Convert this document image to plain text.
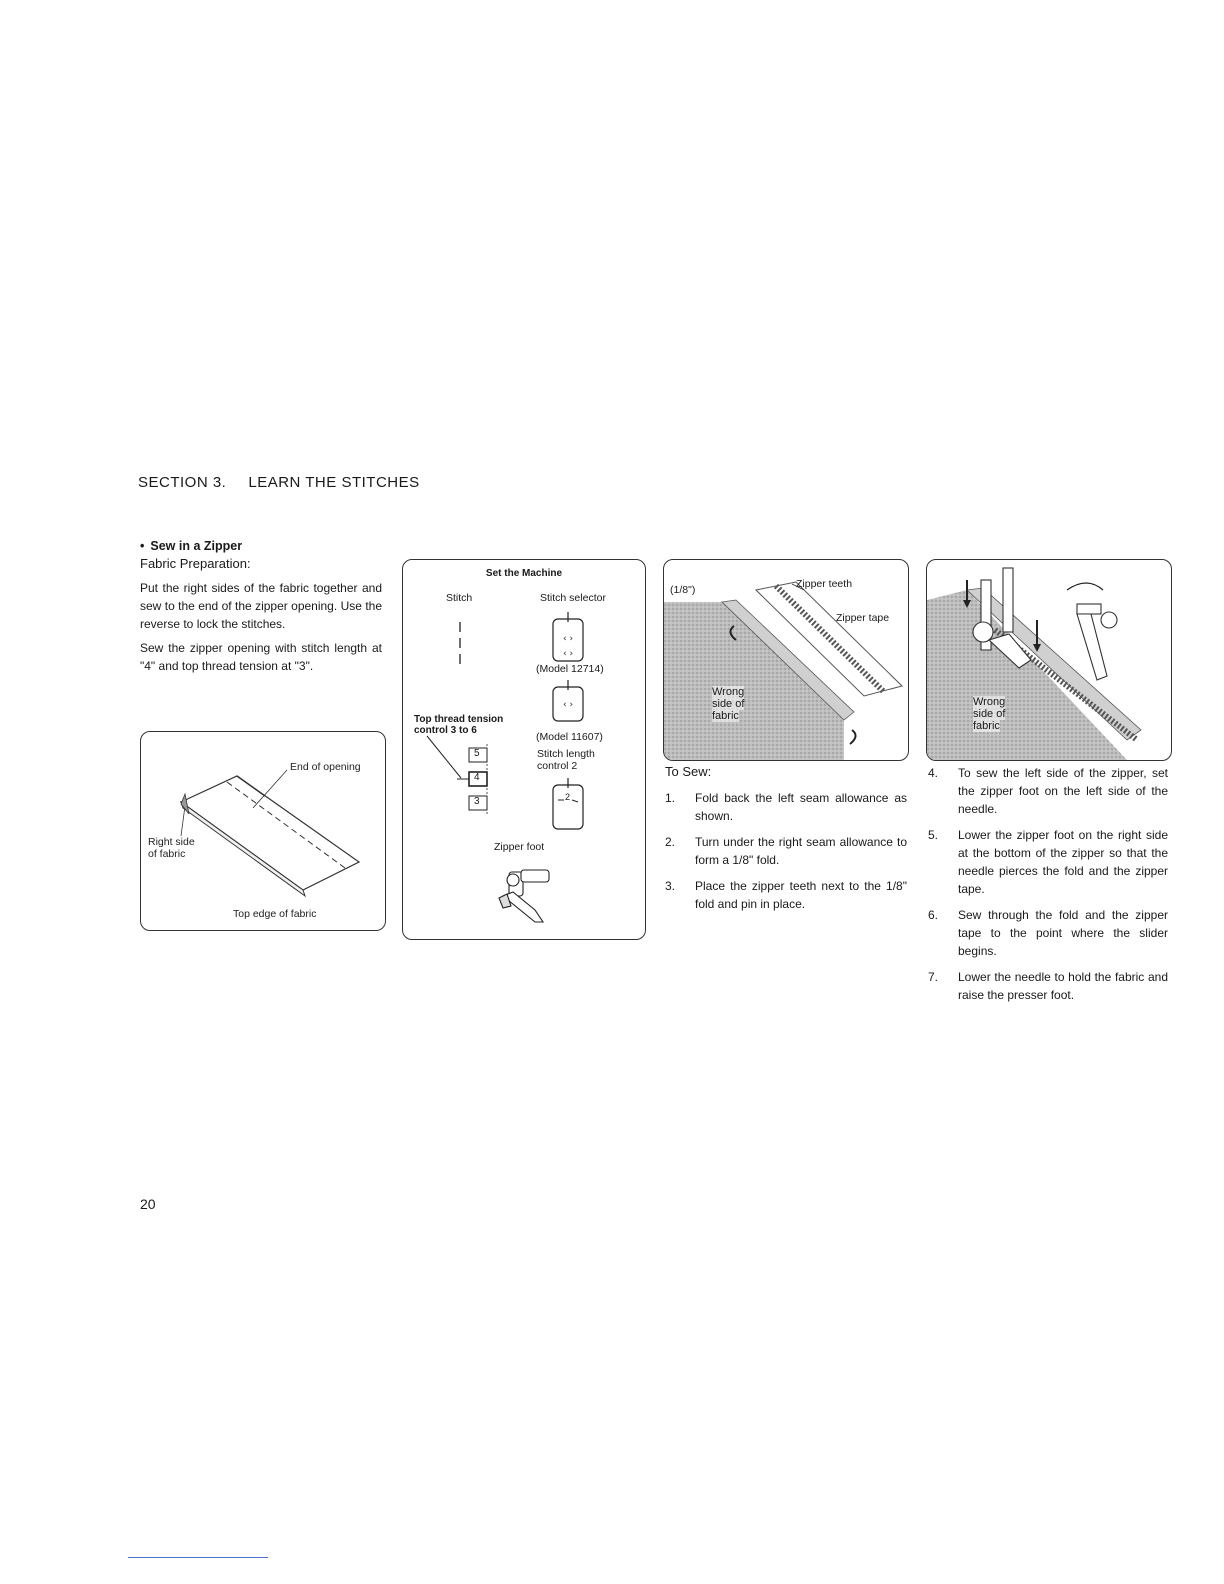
SECTION 3. LEARN THE STITCHES
• Sew in a Zipper
Fabric Preparation:

Put the right sides of the fabric together and sew to the end of the zipper opening. Use the reverse to lock the stitches.

Sew the zipper opening with stitch length at "4" and top thread tension at "3".

End of opening
Right side
of fabric
Top edge of fabric
Set the Machine
Stitch	Stitch selector
‹ ›
‹ ›
‹ ›
(Model 12714)
Top thread tension
control 3 to 6
(Model 11607)
Stitch length
control 2
2
5
4
3
Zipper foot
(1/8")	Zipper teeth
Zipper tape
Wrong
side of
fabric
Wrong
side of
fabric
To Sew:
1. Fold back the left seam allowance as shown.
2. Turn under the right seam allowance to form a 1/8" fold.
3. Place the zipper teeth next to the 1/8" fold and pin in place.
4. To sew the left side of the zipper, set the zipper foot on the left side of the needle.
5. Lower the zipper foot on the right side at the bottom of the zipper so that the needle pierces the fold and the zipper tape.
6. Sew through the fold and the zipper tape to the point where the slider begins.
7. Lower the needle to hold the fabric and raise the presser foot.
20
